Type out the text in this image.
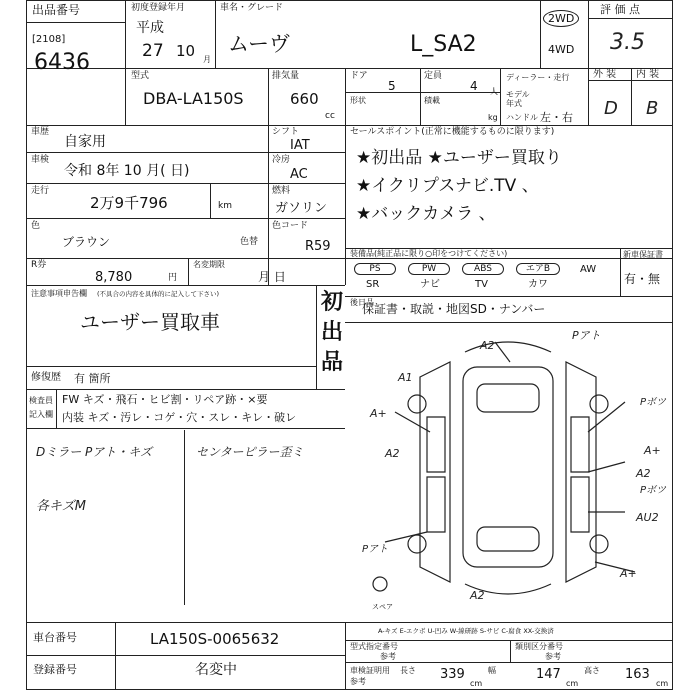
出品番号
[2108]
6436
初度登録年月
平成
27 10 月
車名・グレード
ムーヴ	L_SA2
2WD
4WD
評 価 点
3.5
型式
DBA-LA150S
排気量
660
cc
ドア
5
定員
4 人
形状	積載
kg
ディーラー・走行
モデル年式
ハンドル 左・右
外 装 内 装
D B
車歴
自家用
車検
令和 8年 10 月( 日)
走行
2万9千796	km
シフト
IAT
冷房
AC
燃料
ガソリン
色
ブラウン	色替
色コード
R59
R券
8,780	円
名変期限
月 日
セールスポイント(正常に機能するものに限ります)
★初出品 ★ユーザー買取り
★イクリプスナビ.TV 、
★バックカメラ 、
装備品(純正品に限り○印をつけてください)	新車保証書
有・無
PS	PW	ABS	エアB	AW
SR	ナビ	TV	カワ
後日品
保証書・取説・地図SD・ナンバー
注意事項申告欄 (不具合の内容を具体的に記入して下さい)
ユーザー買取車
初出品
修復歴 有 箇所
検査員
記入欄
FW キズ・飛石・ヒビ割・リペア跡・×要
内装 キズ・汚レ・コゲ・穴・スレ・キレ・破レ
Dミラー Pアト・キズ	センターピラー歪ミ
各キズM
Pアト
A2
A1
A+
A2
Pボツ
A+
A2
Pボツ
AU2
A+
Pアト
A2
スペア
A-キズ E-エクボ U-凹み W-線研跡 S-サビ C-腐食 XX-交換済
車台番号	LA150S-0065632
登録番号	名変中
型式指定番号
参考
類別区分番号
参考
車検証明用
参考
長さ 339
cm
幅	147
cm
高さ 163
cm
